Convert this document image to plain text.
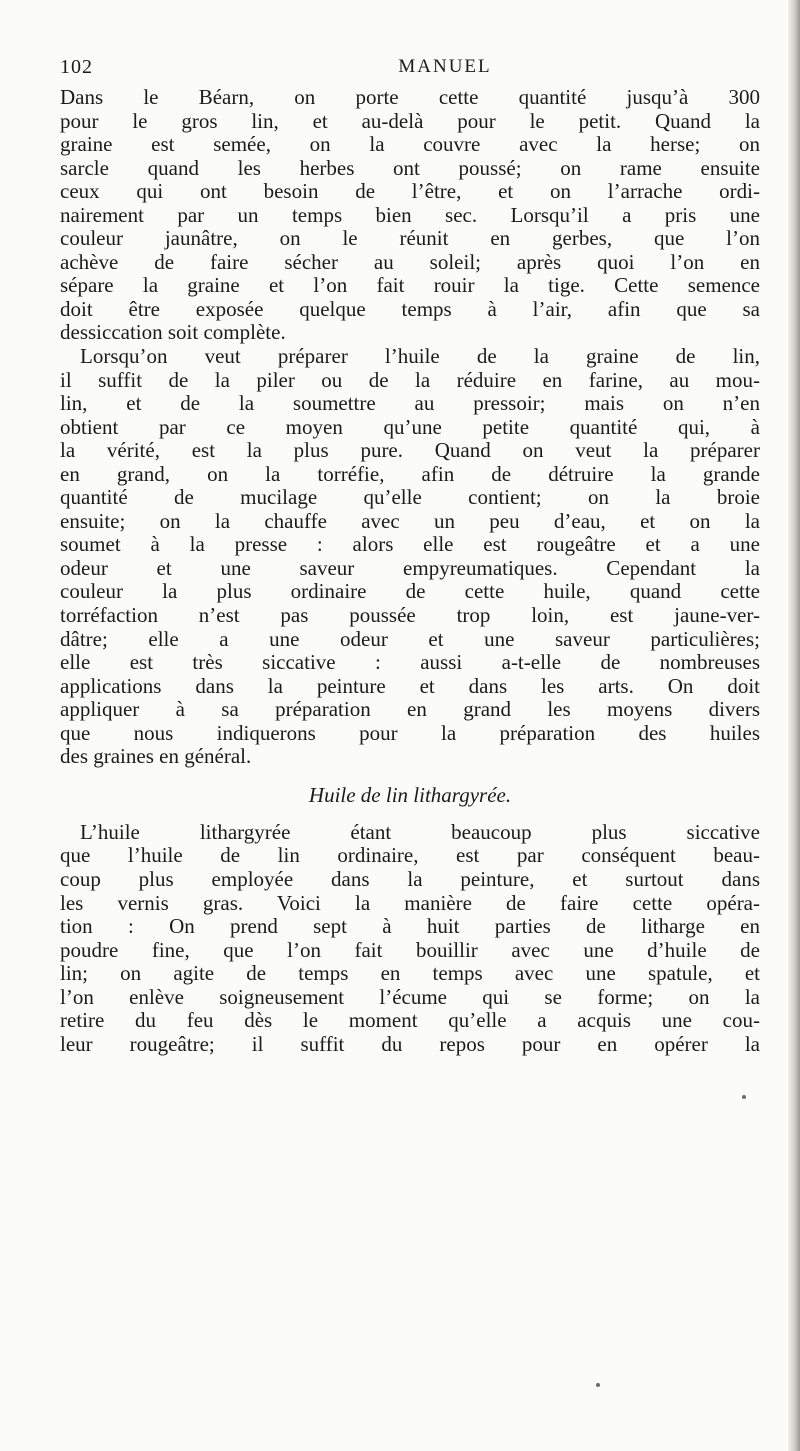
102	MANUEL
Dans le Béarn, on porte cette quantité jusqu’à 300
pour le gros lin, et au-delà pour le petit. Quand la
graine est semée, on la couvre avec la herse; on
sarcle quand les herbes ont poussé; on rame ensuite
ceux qui ont besoin de l’être, et on l’arrache ordi-
nairement par un temps bien sec. Lorsqu’il a pris une
couleur jaunâtre, on le réunit en gerbes, que l’on
achève de faire sécher au soleil; après quoi l’on en
sépare la graine et l’on fait rouir la tige. Cette semence
doit être exposée quelque temps à l’air, afin que sa
dessiccation soit complète.
Lorsqu’on veut préparer l’huile de la graine de lin,
il suffit de la piler ou de la réduire en farine, au mou-
lin, et de la soumettre au pressoir; mais on n’en
obtient par ce moyen qu’une petite quantité qui, à
la vérité, est la plus pure. Quand on veut la préparer
en grand, on la torréfie, afin de détruire la grande
quantité de mucilage qu’elle contient; on la broie
ensuite; on la chauffe avec un peu d’eau, et on la
soumet à la presse : alors elle est rougeâtre et a une
odeur et une saveur empyreumatiques. Cependant la
couleur la plus ordinaire de cette huile, quand cette
torréfaction n’est pas poussée trop loin, est jaune-ver-
dâtre; elle a une odeur et une saveur particulières;
elle est très siccative : aussi a-t-elle de nombreuses
applications dans la peinture et dans les arts. On doit
appliquer à sa préparation en grand les moyens divers
que nous indiquerons pour la préparation des huiles
des graines en général.
Huile de lin lithargyrée.
L’huile lithargyrée étant beaucoup plus siccative
que l’huile de lin ordinaire, est par conséquent beau-
coup plus employée dans la peinture, et surtout dans
les vernis gras. Voici la manière de faire cette opéra-
tion : On prend sept à huit parties de litharge en
poudre fine, que l’on fait bouillir avec une d’huile de
lin; on agite de temps en temps avec une spatule, et
l’on enlève soigneusement l’écume qui se forme; on la
retire du feu dès le moment qu’elle a acquis une cou-
leur rougeâtre; il suffit du repos pour en opérer la
